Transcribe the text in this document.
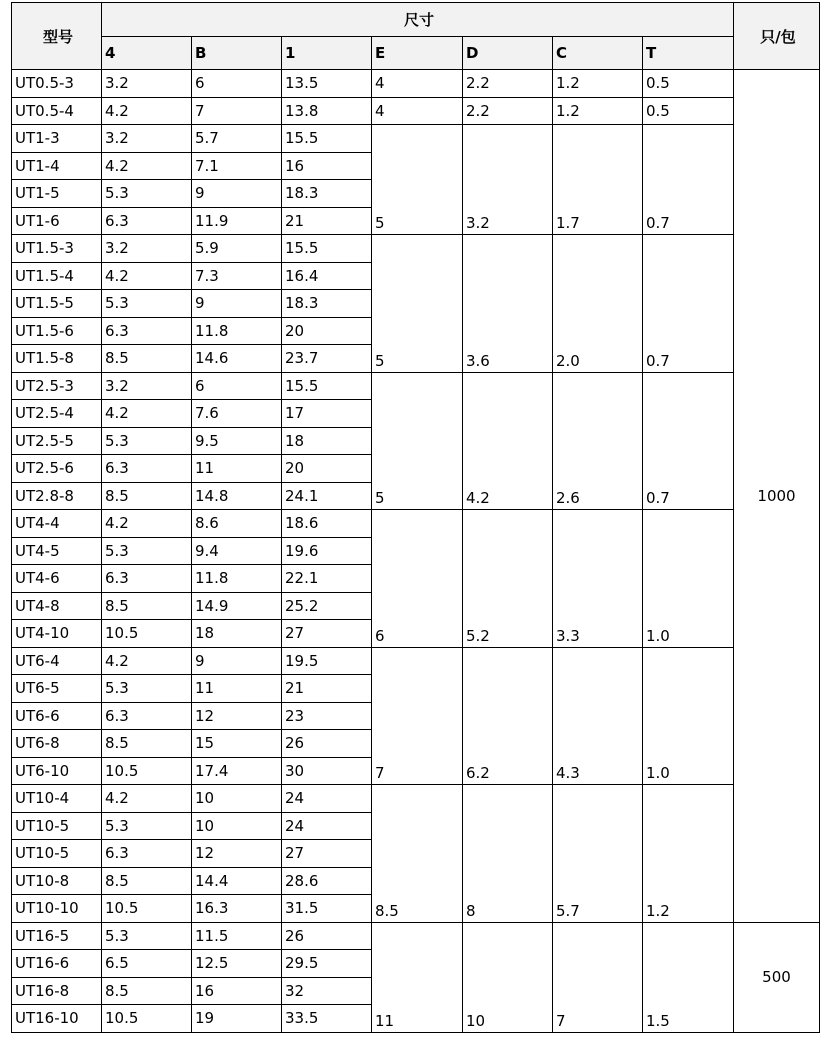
型号	尺寸							只/包
	4	B	1	E	D	C	T	
UT0.5-3	3.2	6	13.5	4	2.2	1.2	0.5	1000
UT0.5-4	4.2	7	13.8	4	2.2	1.2	0.5	
UT1-3	3.2	5.7	15.5	5	3.2	1.7	0.7	
UT1-4	4.2	7.1	16					
UT1-5	5.3	9	18.3					
UT1-6	6.3	11.9	21					
UT1.5-3	3.2	5.9	15.5	5	3.6	2.0	0.7	
UT1.5-4	4.2	7.3	16.4					
UT1.5-5	5.3	9	18.3					
UT1.5-6	6.3	11.8	20					
UT1.5-8	8.5	14.6	23.7					
UT2.5-3	3.2	6	15.5	5	4.2	2.6	0.7	
UT2.5-4	4.2	7.6	17					
UT2.5-5	5.3	9.5	18					
UT2.5-6	6.3	11	20					
UT2.8-8	8.5	14.8	24.1					
UT4-4	4.2	8.6	18.6	6	5.2	3.3	1.0	
UT4-5	5.3	9.4	19.6					
UT4-6	6.3	11.8	22.1					
UT4-8	8.5	14.9	25.2					
UT4-10	10.5	18	27					
UT6-4	4.2	9	19.5	7	6.2	4.3	1.0	
UT6-5	5.3	11	21					
UT6-6	6.3	12	23					
UT6-8	8.5	15	26					
UT6-10	10.5	17.4	30					
UT10-4	4.2	10	24	8.5	8	5.7	1.2	
UT10-5	5.3	10	24					
UT10-5	6.3	12	27					
UT10-8	8.5	14.4	28.6					
UT10-10	10.5	16.3	31.5					
UT16-5	5.3	11.5	26	11	10	7	1.5	500
UT16-6	6.5	12.5	29.5					
UT16-8	8.5	16	32					
UT16-10	10.5	19	33.5					
